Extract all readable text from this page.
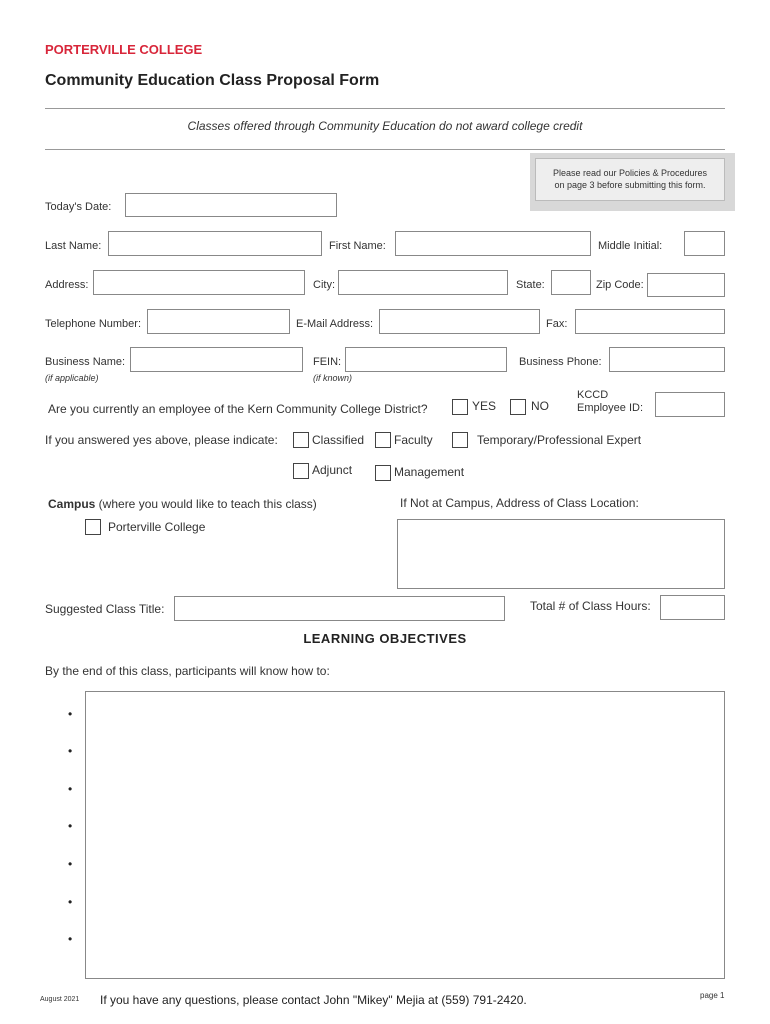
PORTERVILLE COLLEGE
Community Education Class Proposal Form
Classes offered through Community Education do not award college credit
Please read our Policies & Procedures
on page 3 before submitting this form.
Today's Date:
Last Name:	First Name:	Middle Initial:
Address:	City:	State:	Zip Code:
Telephone Number:	E-Mail Address:	Fax:
Business Name:
(if applicable)
FEIN:
(if known)
Business Phone:
Are you currently an employee of the Kern Community College District?	YES	NO
KCCD
Employee ID:
If you answered yes above, please indicate:	Classified Faculty	Temporary/Professional Expert
Adjunct	Management
Campus (where you would like to teach this class)
Porterville College
If Not at Campus, Address of Class Location:
Suggested Class Title:	Total # of Class Hours:
LEARNING OBJECTIVES
By the end of this class, participants will know how to:
•
•
•
•
•
•
•
August 2021 If you have any questions, please contact John "Mikey" Mejia at (559) 791-2420.	page 1
